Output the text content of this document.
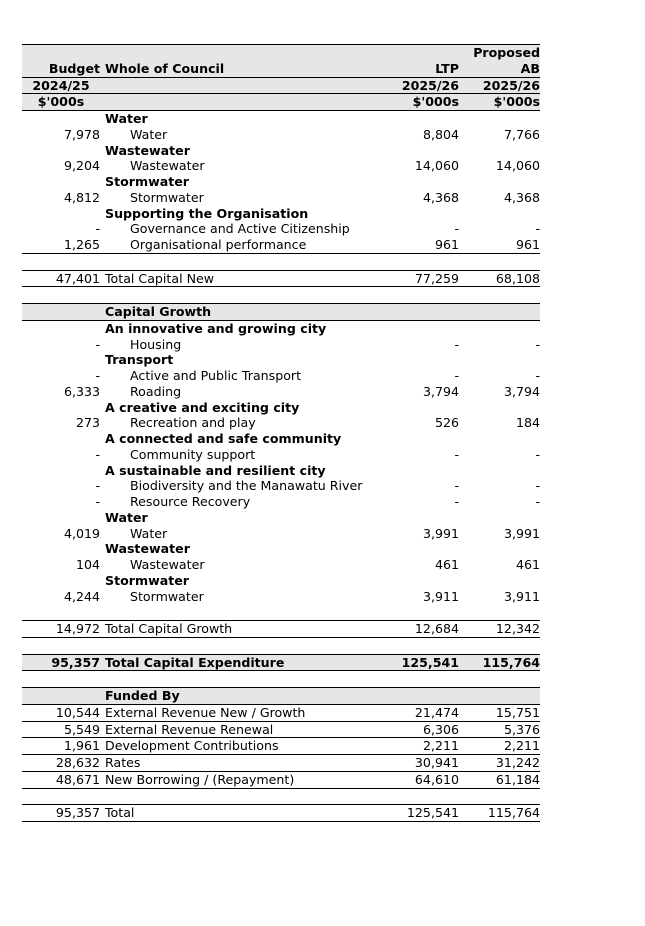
			Proposed
Budget	Whole of Council	LTP	AB
2024/25		2025/26	2025/26
$'000s		$'000s	$'000s
	Water		
7,978	Water	8,804	7,766
	Wastewater		
9,204	Wastewater	14,060	14,060
	Stormwater		
4,812	Stormwater	4,368	4,368
	Supporting the Organisation		
-	Governance and Active Citizenship	-	-
1,265	Organisational performance	961	961

47,401	Total Capital New	77,259	68,108

	Capital Growth		
	An innovative and growing city		
-	Housing	-	-
	Transport		
-	Active and Public Transport	-	-
6,333	Roading	3,794	3,794
	A creative and exciting city		
273	Recreation and play	526	184
	A connected and safe community		
-	Community support	-	-
	A sustainable and resilient city		
-	Biodiversity and the Manawatu River	-	-
-	Resource Recovery	-	-
	Water		
4,019	Water	3,991	3,991
	Wastewater		
104	Wastewater	461	461
	Stormwater		
4,244	Stormwater	3,911	3,911

14,972	Total Capital Growth	12,684	12,342

95,357	Total Capital Expenditure	125,541	115,764

	Funded By		
10,544	External Revenue New / Growth	21,474	15,751
5,549	External Revenue Renewal	6,306	5,376
1,961	Development Contributions	2,211	2,211
28,632	Rates	30,941	31,242
48,671	New Borrowing / (Repayment)	64,610	61,184

95,357	Total	125,541	115,764
